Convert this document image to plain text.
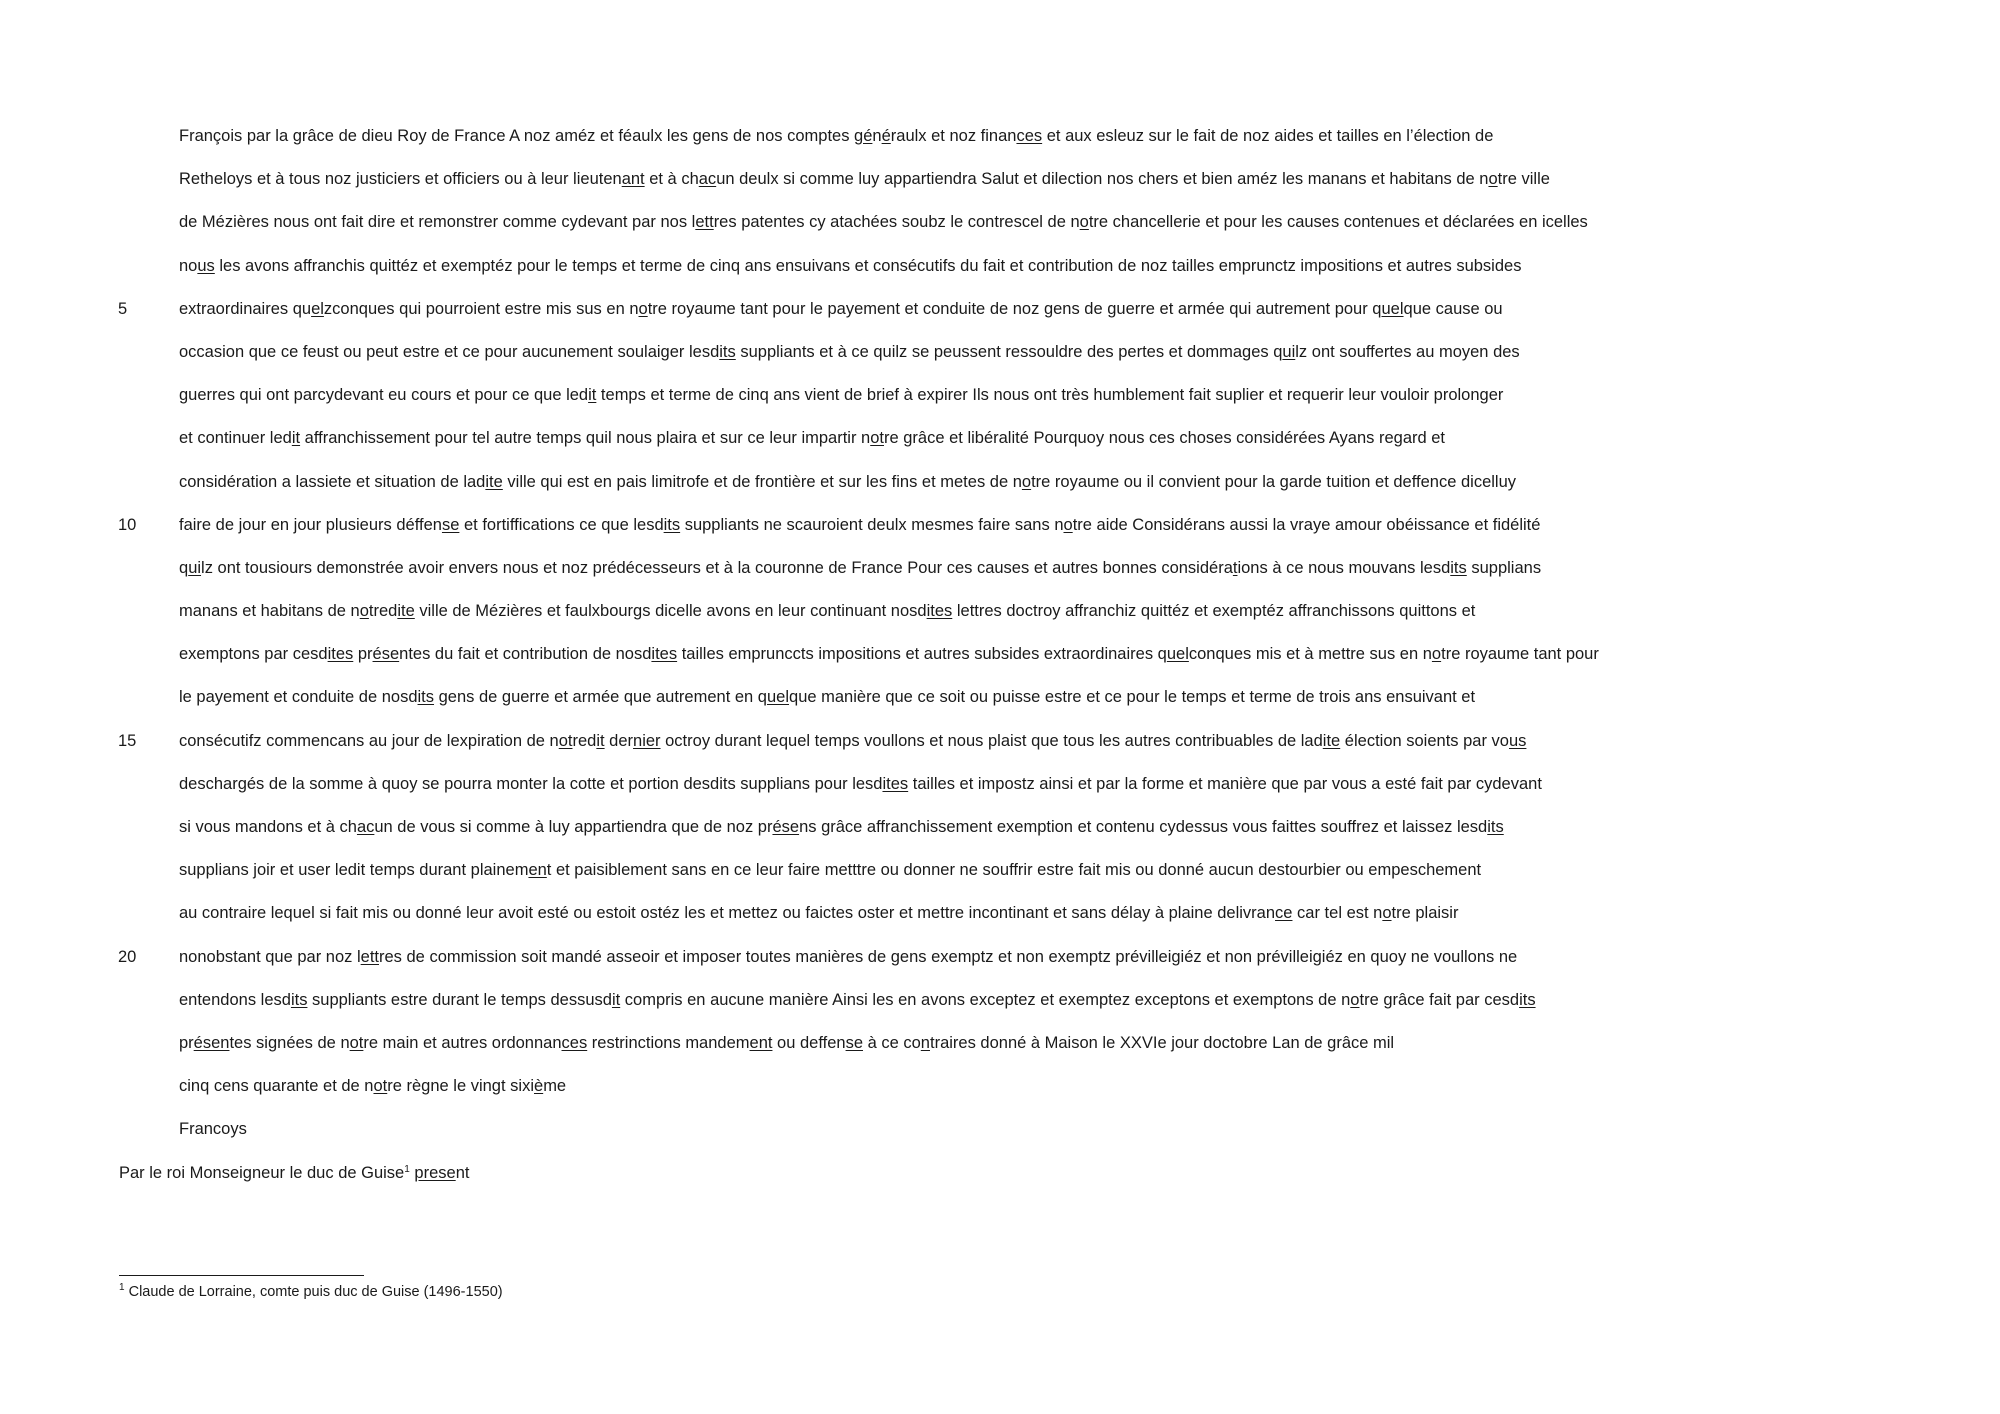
François par la grâce de dieu Roy de France A noz améz et féaulx les gens de nos comptes généraulx et noz finances et aux esleuz sur le fait de noz aides et tailles en l’élection de
Retheloys et à tous noz justiciers et officiers ou à leur lieutenant et à chacun deulx si comme luy appartiendra Salut et dilection nos chers et bien améz les manans et habitans de notre ville
de Mézières nous ont fait dire et remonstrer comme cydevant par nos lettres patentes cy atachées soubz le contrescel de notre chancellerie et pour les causes contenues et déclarées en icelles
nous les avons affranchis quittéz et exemptéz pour le temps et terme de cinq ans ensuivans et consécutifs du fait et contribution de noz tailles emprunctz impositions et autres subsides
5	extraordinaires quelzconques qui pourroient estre mis sus en notre royaume tant pour le payement et conduite de noz gens de guerre et armée qui autrement pour quelque cause ou
occasion que ce feust ou peut estre et ce pour aucunement soulaiger lesdits suppliants et à ce quilz se peussent ressouldre des pertes et dommages quilz ont souffertes au moyen des
guerres qui ont parcydevant eu cours et pour ce que ledit temps et terme de cinq ans vient de brief à expirer Ils nous ont très humblement fait suplier et requerir leur vouloir prolonger
et continuer ledit affranchissement pour tel autre temps quil nous plaira et sur ce leur impartir notre grâce et libéralité Pourquoy nous ces choses considérées Ayans regard et
considération a lassiete et situation de ladite ville qui est en pais limitrofe et de frontière et sur les fins et metes de notre royaume ou il convient pour la garde tuition et deffence dicelluy
10	faire de jour en jour plusieurs déffense et fortiffications ce que lesdits suppliants ne scauroient deulx mesmes faire sans notre aide Considérans aussi la vraye amour obéissance et fidélité
quilz ont tousiours demonstrée avoir envers nous et noz prédécesseurs et à la couronne de France Pour ces causes et autres bonnes considérations à ce nous mouvans lesdits supplians
manans et habitans de notredite ville de Mézières et faulxbourgs dicelle avons en leur continuant nosdites lettres doctroy affranchiz quittéz et exemptéz affranchissons quittons et
exemptons par cesdites présentes du fait et contribution de nosdites tailles emprunccts impositions et autres subsides extraordinaires quelconques mis et à mettre sus en notre royaume tant pour
le payement et conduite de nosdits gens de guerre et armée que autrement en quelque manière que ce soit ou puisse estre et ce pour le temps et terme de trois ans ensuivant et
15	consécutifz commencans au jour de lexpiration de notredit dernier octroy durant lequel temps voullons et nous plaist que tous les autres contribuables de ladite élection soients par vous
deschargés de la somme à quoy se pourra monter la cotte et portion desdits supplians pour lesdites tailles et impostz ainsi et par la forme et manière que par vous a esté fait par cydevant
si vous mandons et à chacun de vous si comme à luy appartiendra que de noz présens grâce affranchissement exemption et contenu cydessus vous faittes souffrez et laissez lesdits
supplians joir et user ledit temps durant plainement et paisiblement sans en ce leur faire metttre ou donner ne souffrir estre fait mis ou donné aucun destourbier ou empeschement
au contraire lequel si fait mis ou donné leur avoit esté ou estoit ostéz les et mettez ou faictes oster et mettre incontinant et sans délay à plaine delivrance car tel est notre plaisir
20	nonobstant que par noz lettres de commission soit mandé asseoir et imposer toutes manières de gens exemptz et non exemptz prévilleigiéz et non prévilleigiéz en quoy ne voullons ne
entendons lesdits suppliants estre durant le temps dessusdit compris en aucune manière Ainsi les en avons exceptez et exemptez exceptons et exemptons de notre grâce fait par cesdits
présentes signées de notre main et autres ordonnances restrinctions mandement ou deffense à ce contraires donné à Maison le XXVIe jour doctobre Lan de grâce mil
cinq cens quarante et de notre règne le vingt sixième
Francoys
Par le roi Monseigneur le duc de Guise$^1$ present
$^1$ Claude de Lorraine, comte puis duc de Guise (1496-1550)
